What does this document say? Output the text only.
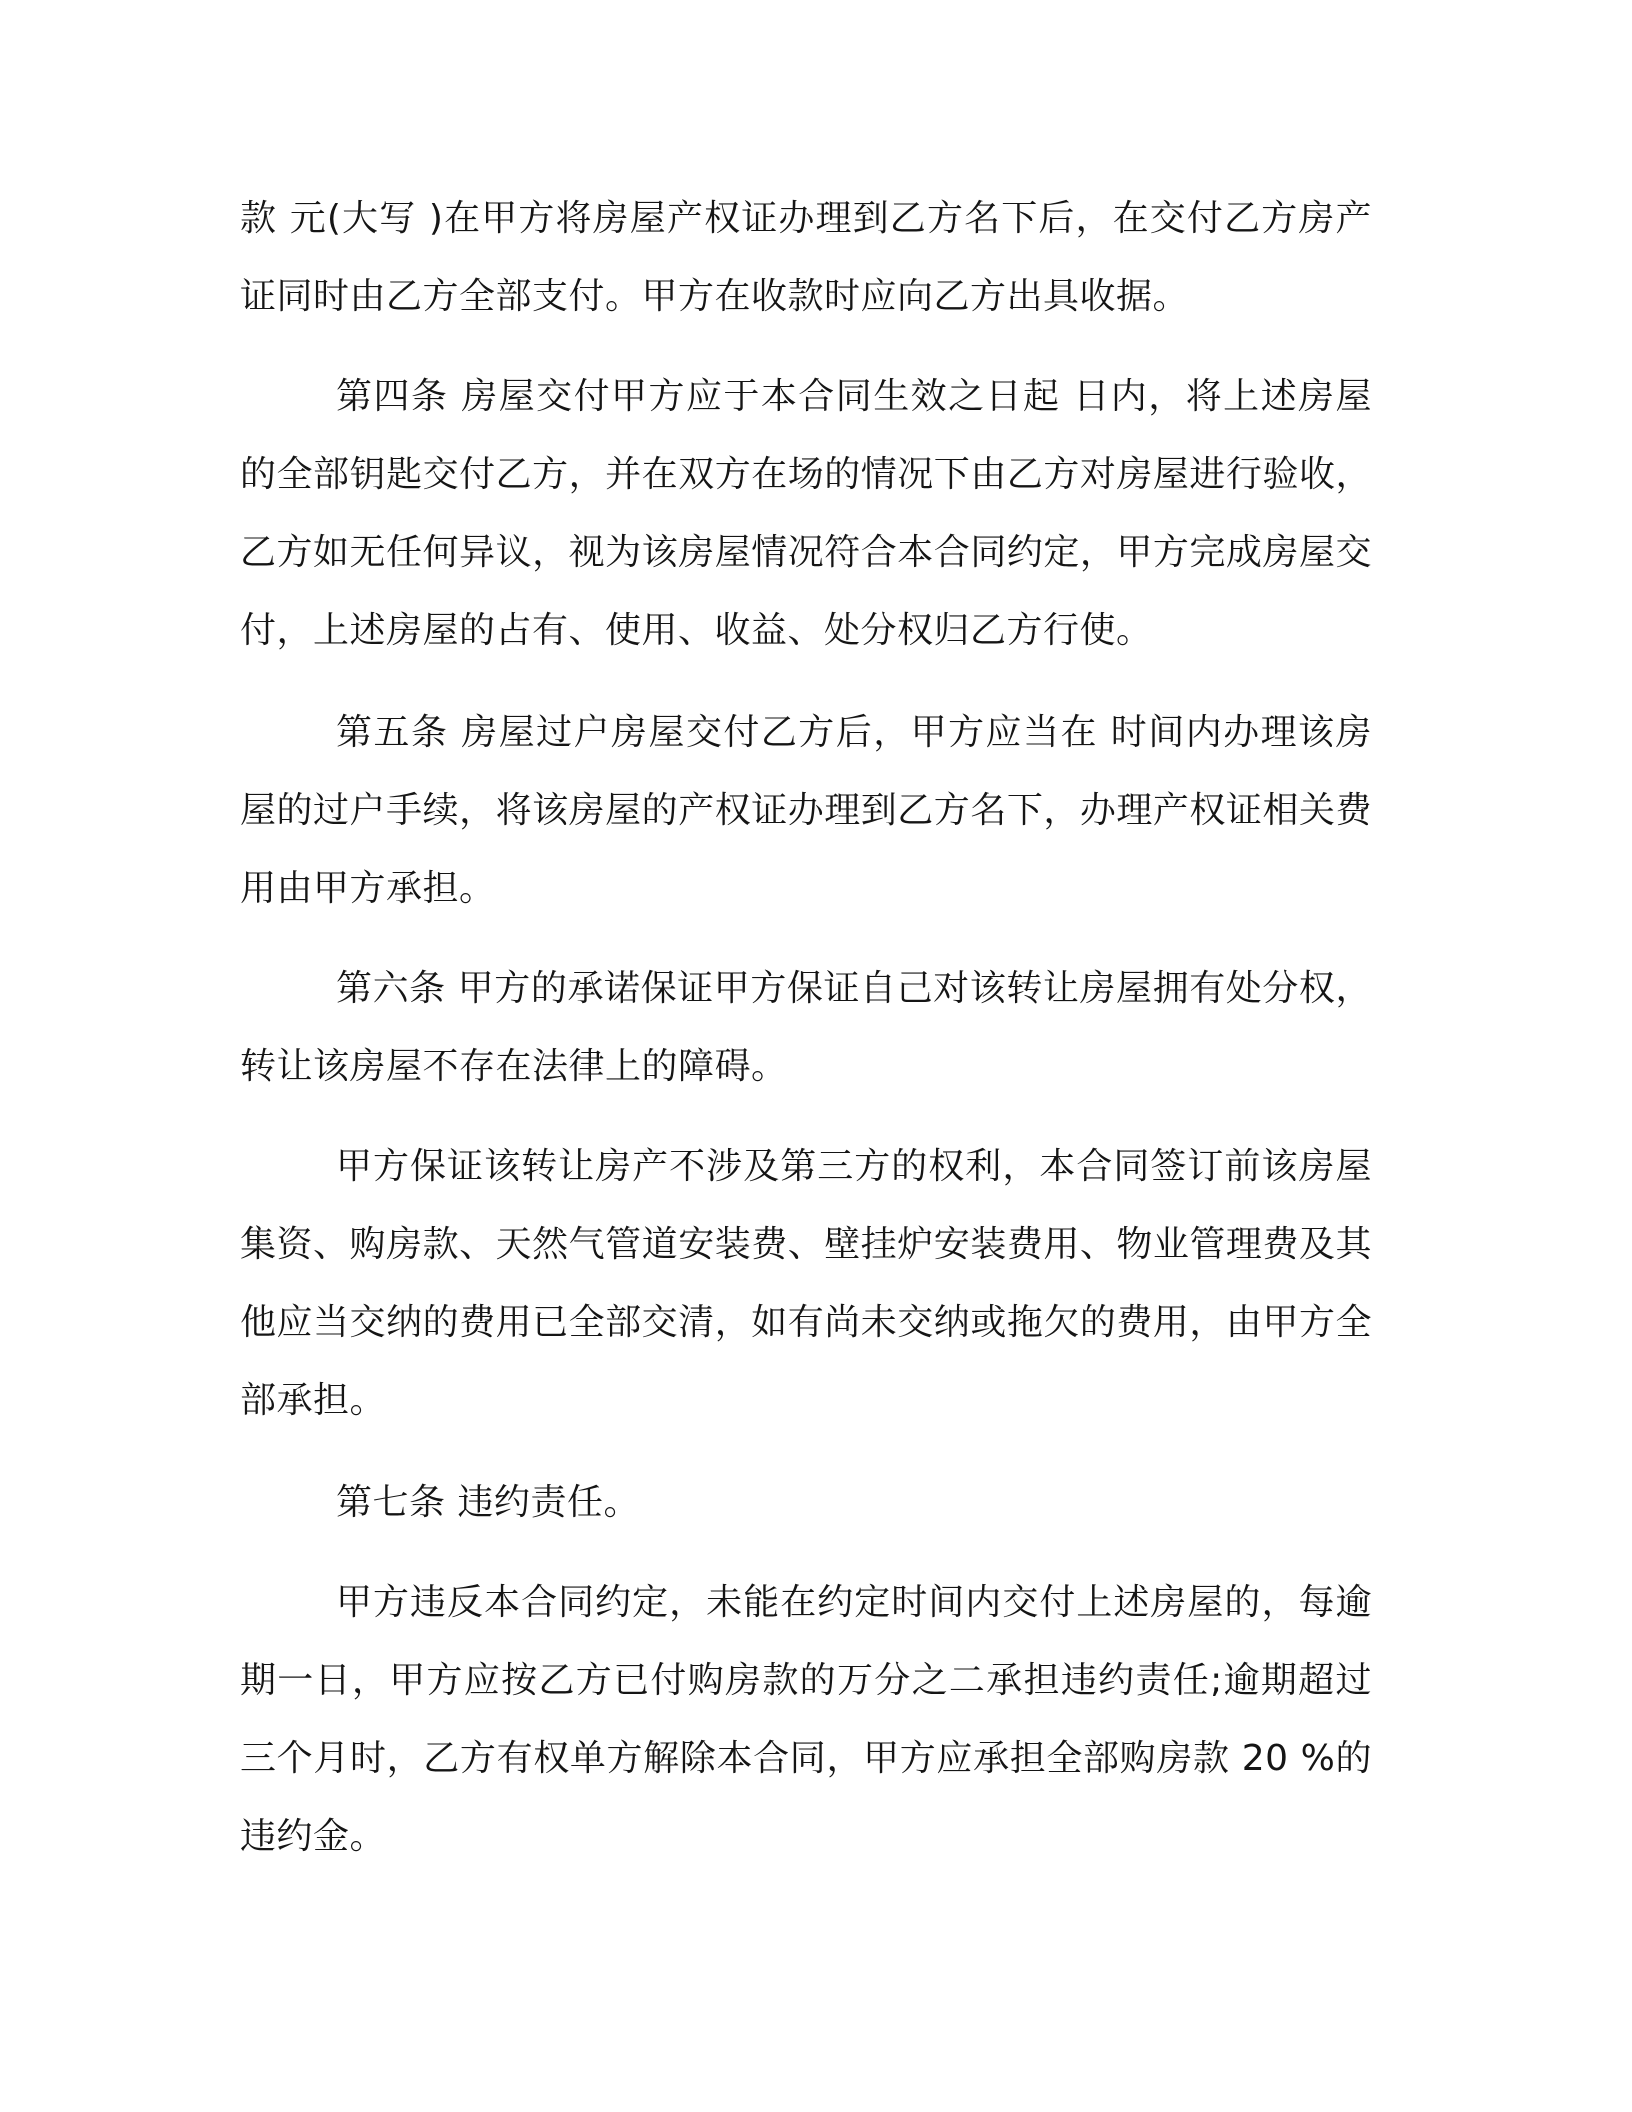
款 元(大写 )在甲方将房屋产权证办理到乙方名下后，在交付乙方房产证同时由乙方全部支付。甲方在收款时应向乙方出具收据。

第四条 房屋交付甲方应于本合同生效之日起 日内，将上述房屋的全部钥匙交付乙方，并在双方在场的情况下由乙方对房屋进行验收，乙方如无任何异议，视为该房屋情况符合本合同约定，甲方完成房屋交付，上述房屋的占有、使用、收益、处分权归乙方行使。

第五条 房屋过户房屋交付乙方后，甲方应当在 时间内办理该房屋的过户手续，将该房屋的产权证办理到乙方名下，办理产权证相关费用由甲方承担。

第六条 甲方的承诺保证甲方保证自己对该转让房屋拥有处分权，转让该房屋不存在法律上的障碍。

甲方保证该转让房产不涉及第三方的权利，本合同签订前该房屋集资、购房款、天然气管道安装费、壁挂炉安装费用、物业管理费及其他应当交纳的费用已全部交清，如有尚未交纳或拖欠的费用，由甲方全部承担。

第七条 违约责任。

甲方违反本合同约定，未能在约定时间内交付上述房屋的，每逾期一日，甲方应按乙方已付购房款的万分之二承担违约责任;逾期超过三个月时，乙方有权单方解除本合同，甲方应承担全部购房款 20 %的违约金。
